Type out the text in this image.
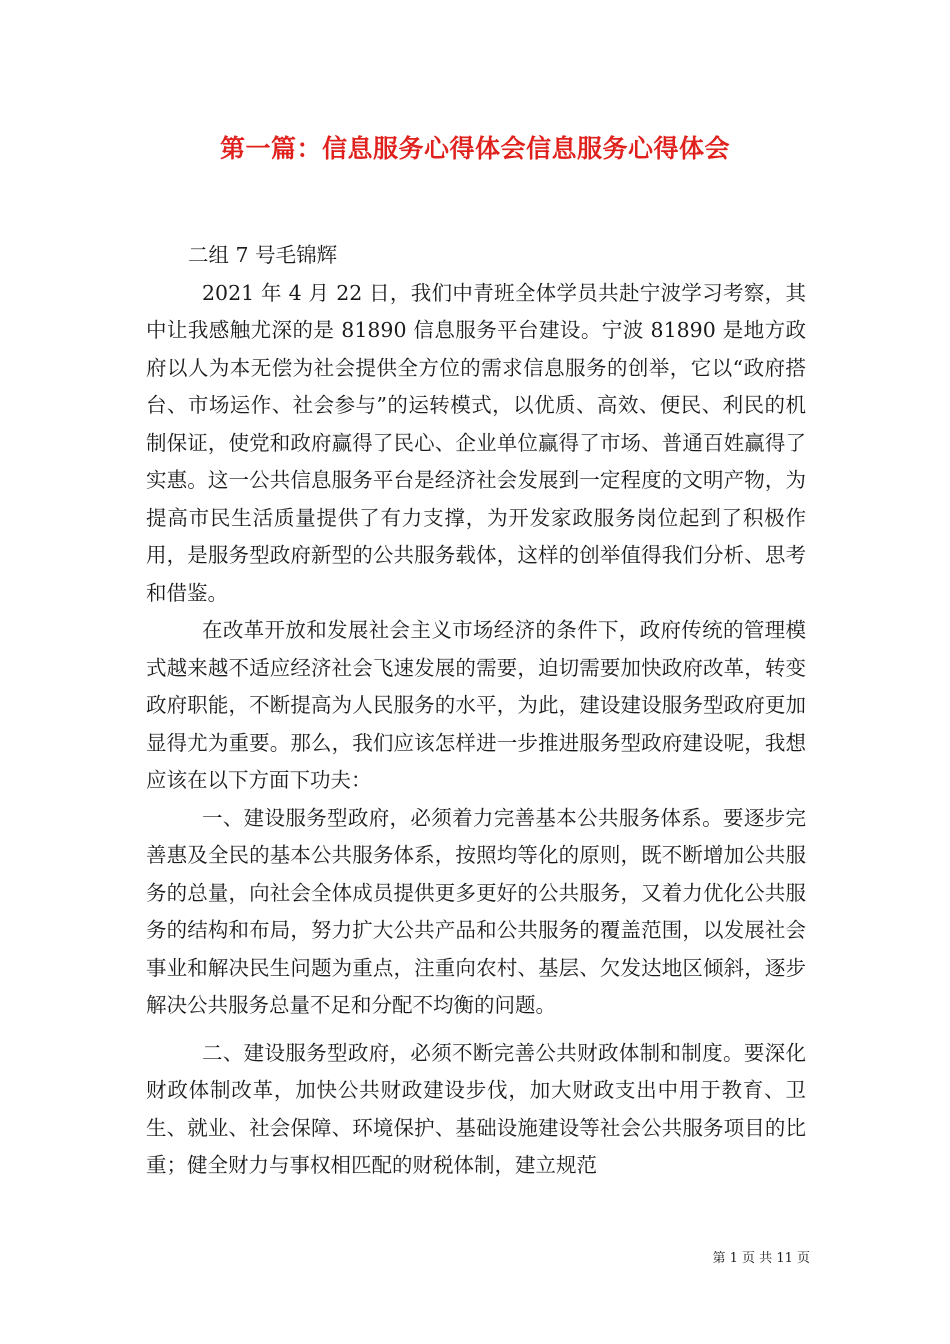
第一篇：信息服务心得体会信息服务心得体会

二组 7 号毛锦辉

2021 年 4 月 22 日，我们中青班全体学员共赴宁波学习考察，其中让我感触尤深的是 81890 信息服务平台建设。宁波 81890 是地方政府以人为本无偿为社会提供全方位的需求信息服务的创举，它以“政府搭台、市场运作、社会参与”的运转模式，以优质、高效、便民、利民的机制保证，使党和政府赢得了民心、企业单位赢得了市场、普通百姓赢得了实惠。这一公共信息服务平台是经济社会发展到一定程度的文明产物，为提高市民生活质量提供了有力支撑，为开发家政服务岗位起到了积极作用，是服务型政府新型的公共服务载体，这样的创举值得我们分析、思考和借鉴。

在改革开放和发展社会主义市场经济的条件下，政府传统的管理模式越来越不适应经济社会飞速发展的需要，迫切需要加快政府改革，转变政府职能，不断提高为人民服务的水平，为此，建设建设服务型政府更加显得尤为重要。那么，我们应该怎样进一步推进服务型政府建设呢，我想应该在以下方面下功夫：

一、建设服务型政府，必须着力完善基本公共服务体系。要逐步完善惠及全民的基本公共服务体系，按照均等化的原则，既不断增加公共服务的总量，向社会全体成员提供更多更好的公共服务，又着力优化公共服务的结构和布局，努力扩大公共产品和公共服务的覆盖范围，以发展社会事业和解决民生问题为重点，注重向农村、基层、欠发达地区倾斜，逐步解决公共服务总量不足和分配不均衡的问题。

二、建设服务型政府，必须不断完善公共财政体制和制度。要深化财政体制改革，加快公共财政建设步伐，加大财政支出中用于教育、卫生、就业、社会保障、环境保护、基础设施建设等社会公共服务项目的比重；健全财力与事权相匹配的财税体制，建立规范

第 1 页 共 11 页
